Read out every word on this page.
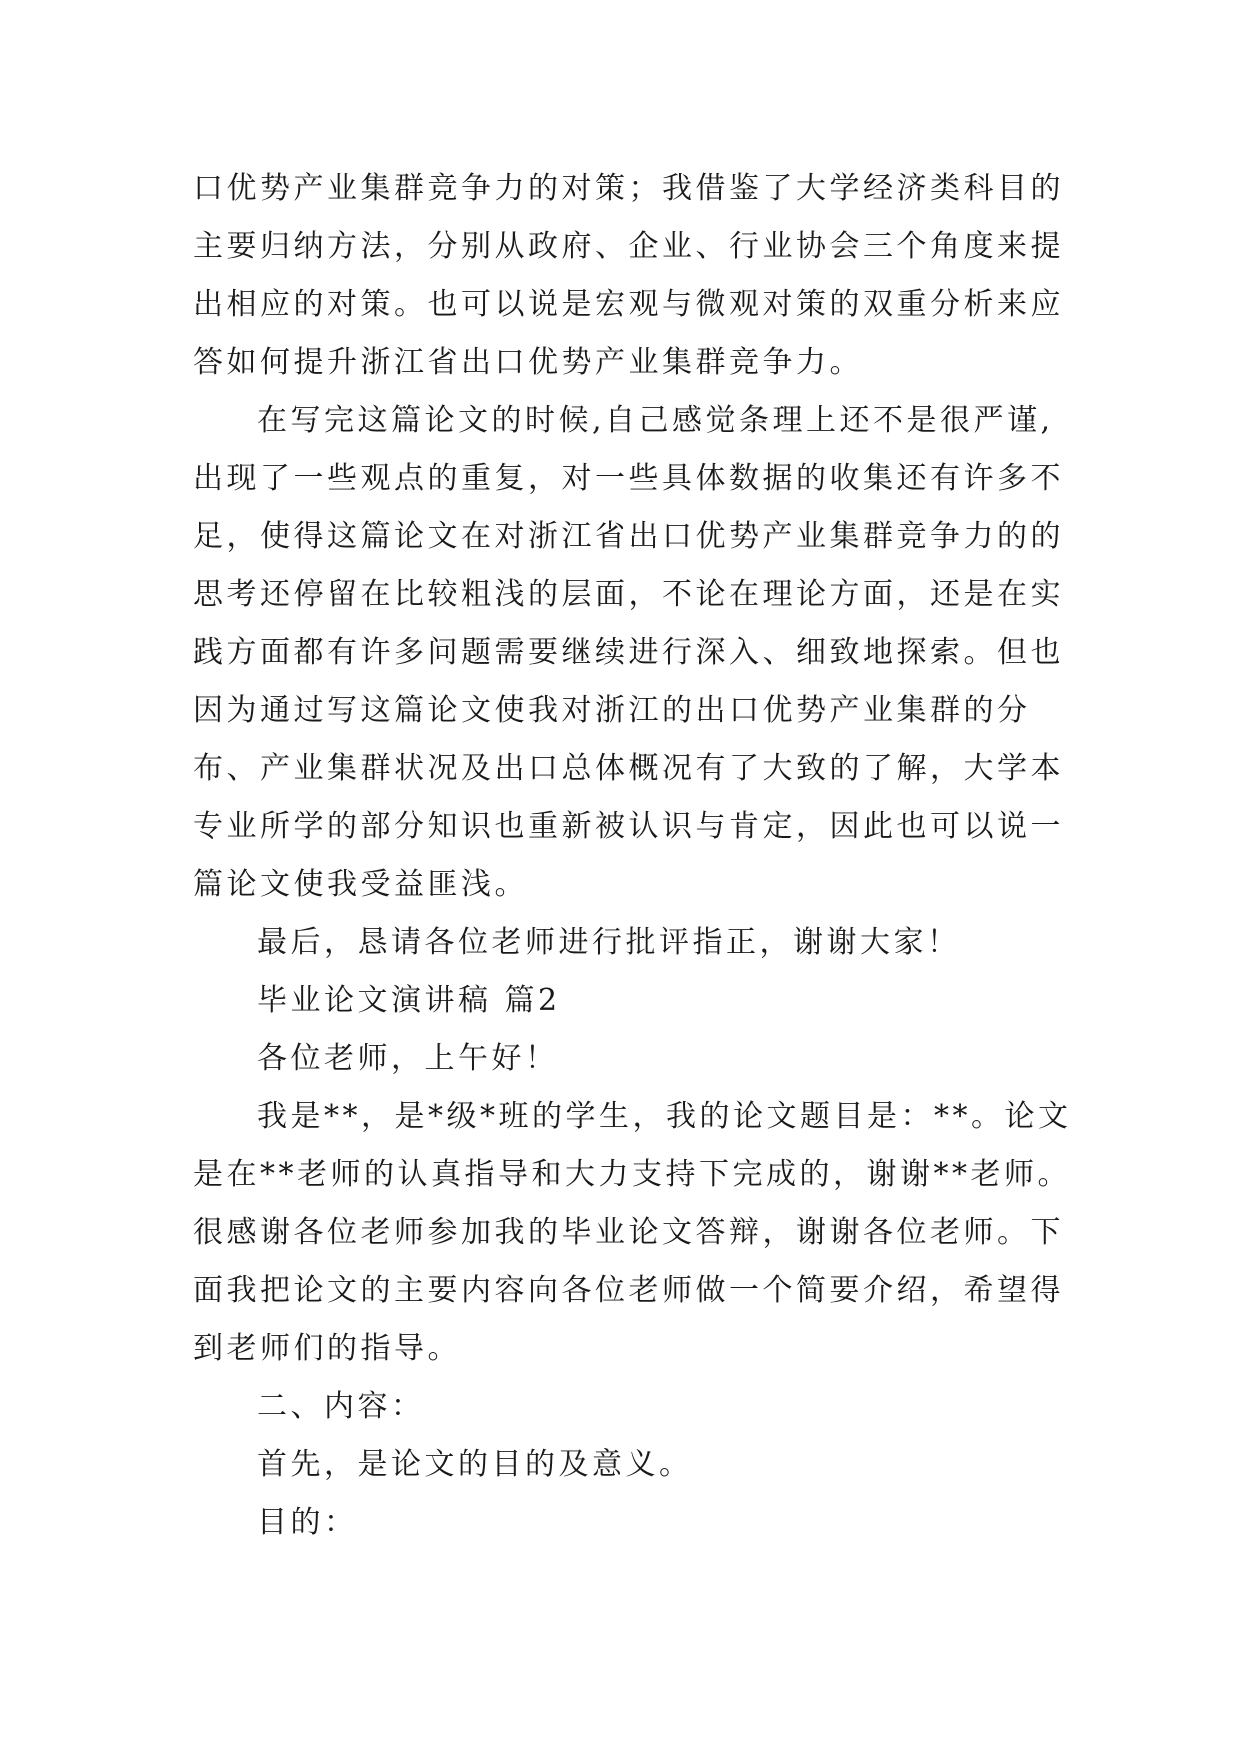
口优势产业集群竞争力的对策；我借鉴了大学经济类科目的
主要归纳方法，分别从政府、企业、行业协会三个角度来提
出相应的对策。也可以说是宏观与微观对策的双重分析来应
答如何提升浙江省出口优势产业集群竞争力。
在写完这篇论文的时候,自己感觉条理上还不是很严谨,
出现了一些观点的重复，对一些具体数据的收集还有许多不
足，使得这篇论文在对浙江省出口优势产业集群竞争力的的
思考还停留在比较粗浅的层面，不论在理论方面，还是在实
践方面都有许多问题需要继续进行深入、细致地探索。但也
因为通过写这篇论文使我对浙江的出口优势产业集群的分
布、产业集群状况及出口总体概况有了大致的了解，大学本
专业所学的部分知识也重新被认识与肯定，因此也可以说一
篇论文使我受益匪浅。
最后，恳请各位老师进行批评指正，谢谢大家！
毕业论文演讲稿 篇2
各位老师，上午好！
我是**，是*级*班的学生，我的论文题目是：**。论文
是在**老师的认真指导和大力支持下完成的，谢谢**老师。
很感谢各位老师参加我的毕业论文答辩，谢谢各位老师。下
面我把论文的主要内容向各位老师做一个简要介绍，希望得
到老师们的指导。
二、内容：
首先，是论文的目的及意义。
目的：
